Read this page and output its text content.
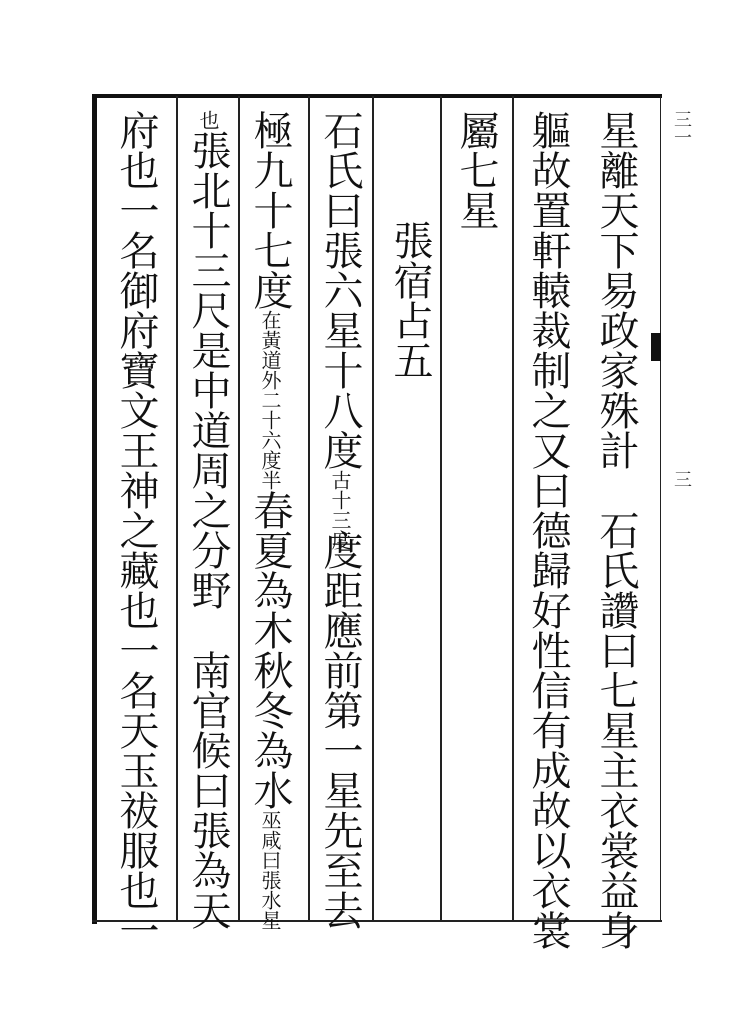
三一
三
星離天下易政家殊計　石氏讚曰七星主衣裳益身
軀故置軒轅裁制之又曰德歸好性信有成故以衣裳
屬七星
張宿占五
石氏曰張六星十八度古十三度度距應前第一星先至去
極九十七度在黃道外二十六度半春夏為木秋冬為水巫咸曰張水星
也張北十三尺是中道周之分野　南官候曰張為天
府也一名御府寶文王神之藏也一名天玉祓服也一
